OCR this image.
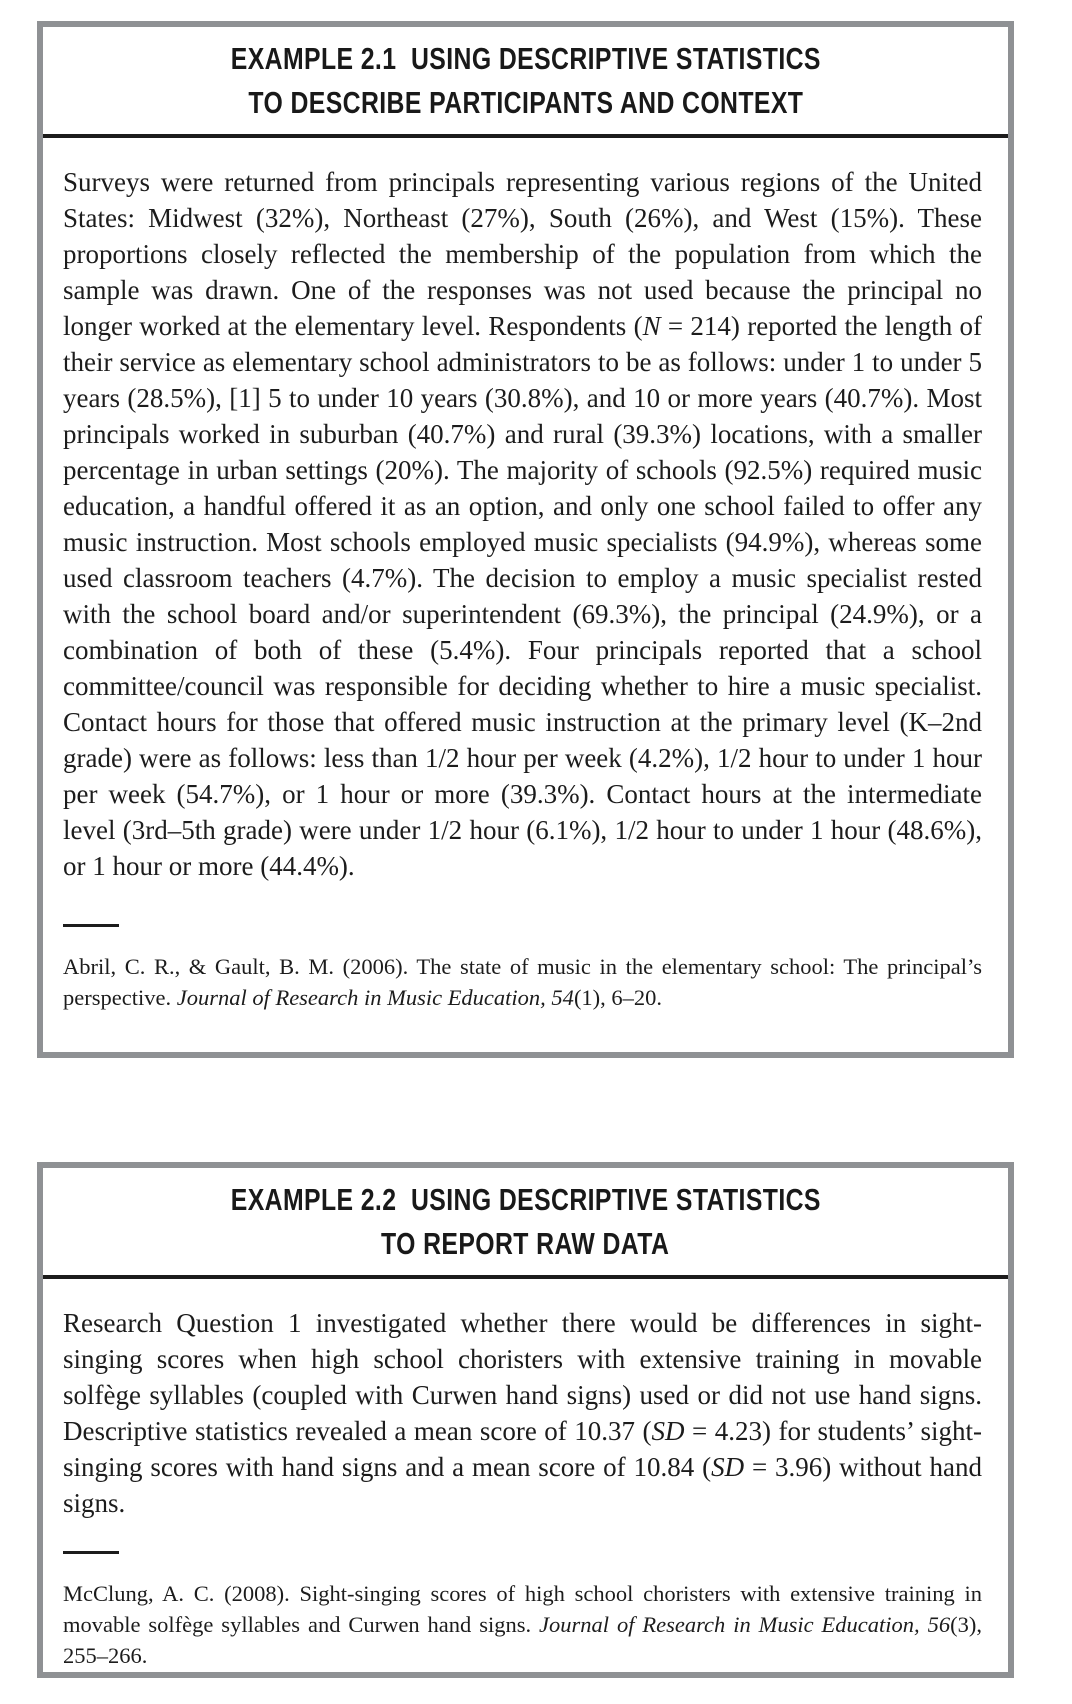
EXAMPLE 2.1  USING DESCRIPTIVE STATISTICS
TO DESCRIBE PARTICIPANTS AND CONTEXT

Surveys were returned from principals representing various regions of the United States: Midwest (32%), Northeast (27%), South (26%), and West (15%). These proportions closely reflected the membership of the population from which the sample was drawn. One of the responses was not used because the principal no longer worked at the elementary level. Respondents (N = 214) reported the length of their service as elementary school administrators to be as follows: under 1 to under 5 years (28.5%), [1] 5 to under 10 years (30.8%), and 10 or more years (40.7%). Most principals worked in suburban (40.7%) and rural (39.3%) locations, with a smaller percentage in urban settings (20%). The majority of schools (92.5%) required music education, a handful offered it as an option, and only one school failed to offer any music instruction. Most schools employed music specialists (94.9%), whereas some used classroom teachers (4.7%). The decision to employ a music specialist rested with the school board and/or superintendent (69.3%), the principal (24.9%), or a combination of both of these (5.4%). Four principals reported that a school committee/council was responsible for deciding whether to hire a music specialist. Contact hours for those that offered music instruction at the primary level (K–2nd grade) were as follows: less than 1/2 hour per week (4.2%), 1/2 hour to under 1 hour per week (54.7%), or 1 hour or more (39.3%). Contact hours at the intermediate level (3rd–5th grade) were under 1/2 hour (6.1%), 1/2 hour to under 1 hour (48.6%), or 1 hour or more (44.4%).

Abril, C. R., & Gault, B. M. (2006). The state of music in the elementary school: The principal’s perspective. Journal of Research in Music Education, 54(1), 6–20.

EXAMPLE 2.2  USING DESCRIPTIVE STATISTICS
TO REPORT RAW DATA

Research Question 1 investigated whether there would be differences in sight-singing scores when high school choristers with extensive training in movable solfège syllables (coupled with Curwen hand signs) used or did not use hand signs. Descriptive statistics revealed a mean score of 10.37 (SD = 4.23) for students’ sight-singing scores with hand signs and a mean score of 10.84 (SD = 3.96) without hand signs.

McClung, A. C. (2008). Sight-singing scores of high school choristers with extensive training in movable solfège syllables and Curwen hand signs. Journal of Research in Music Education, 56(3), 255–266.
